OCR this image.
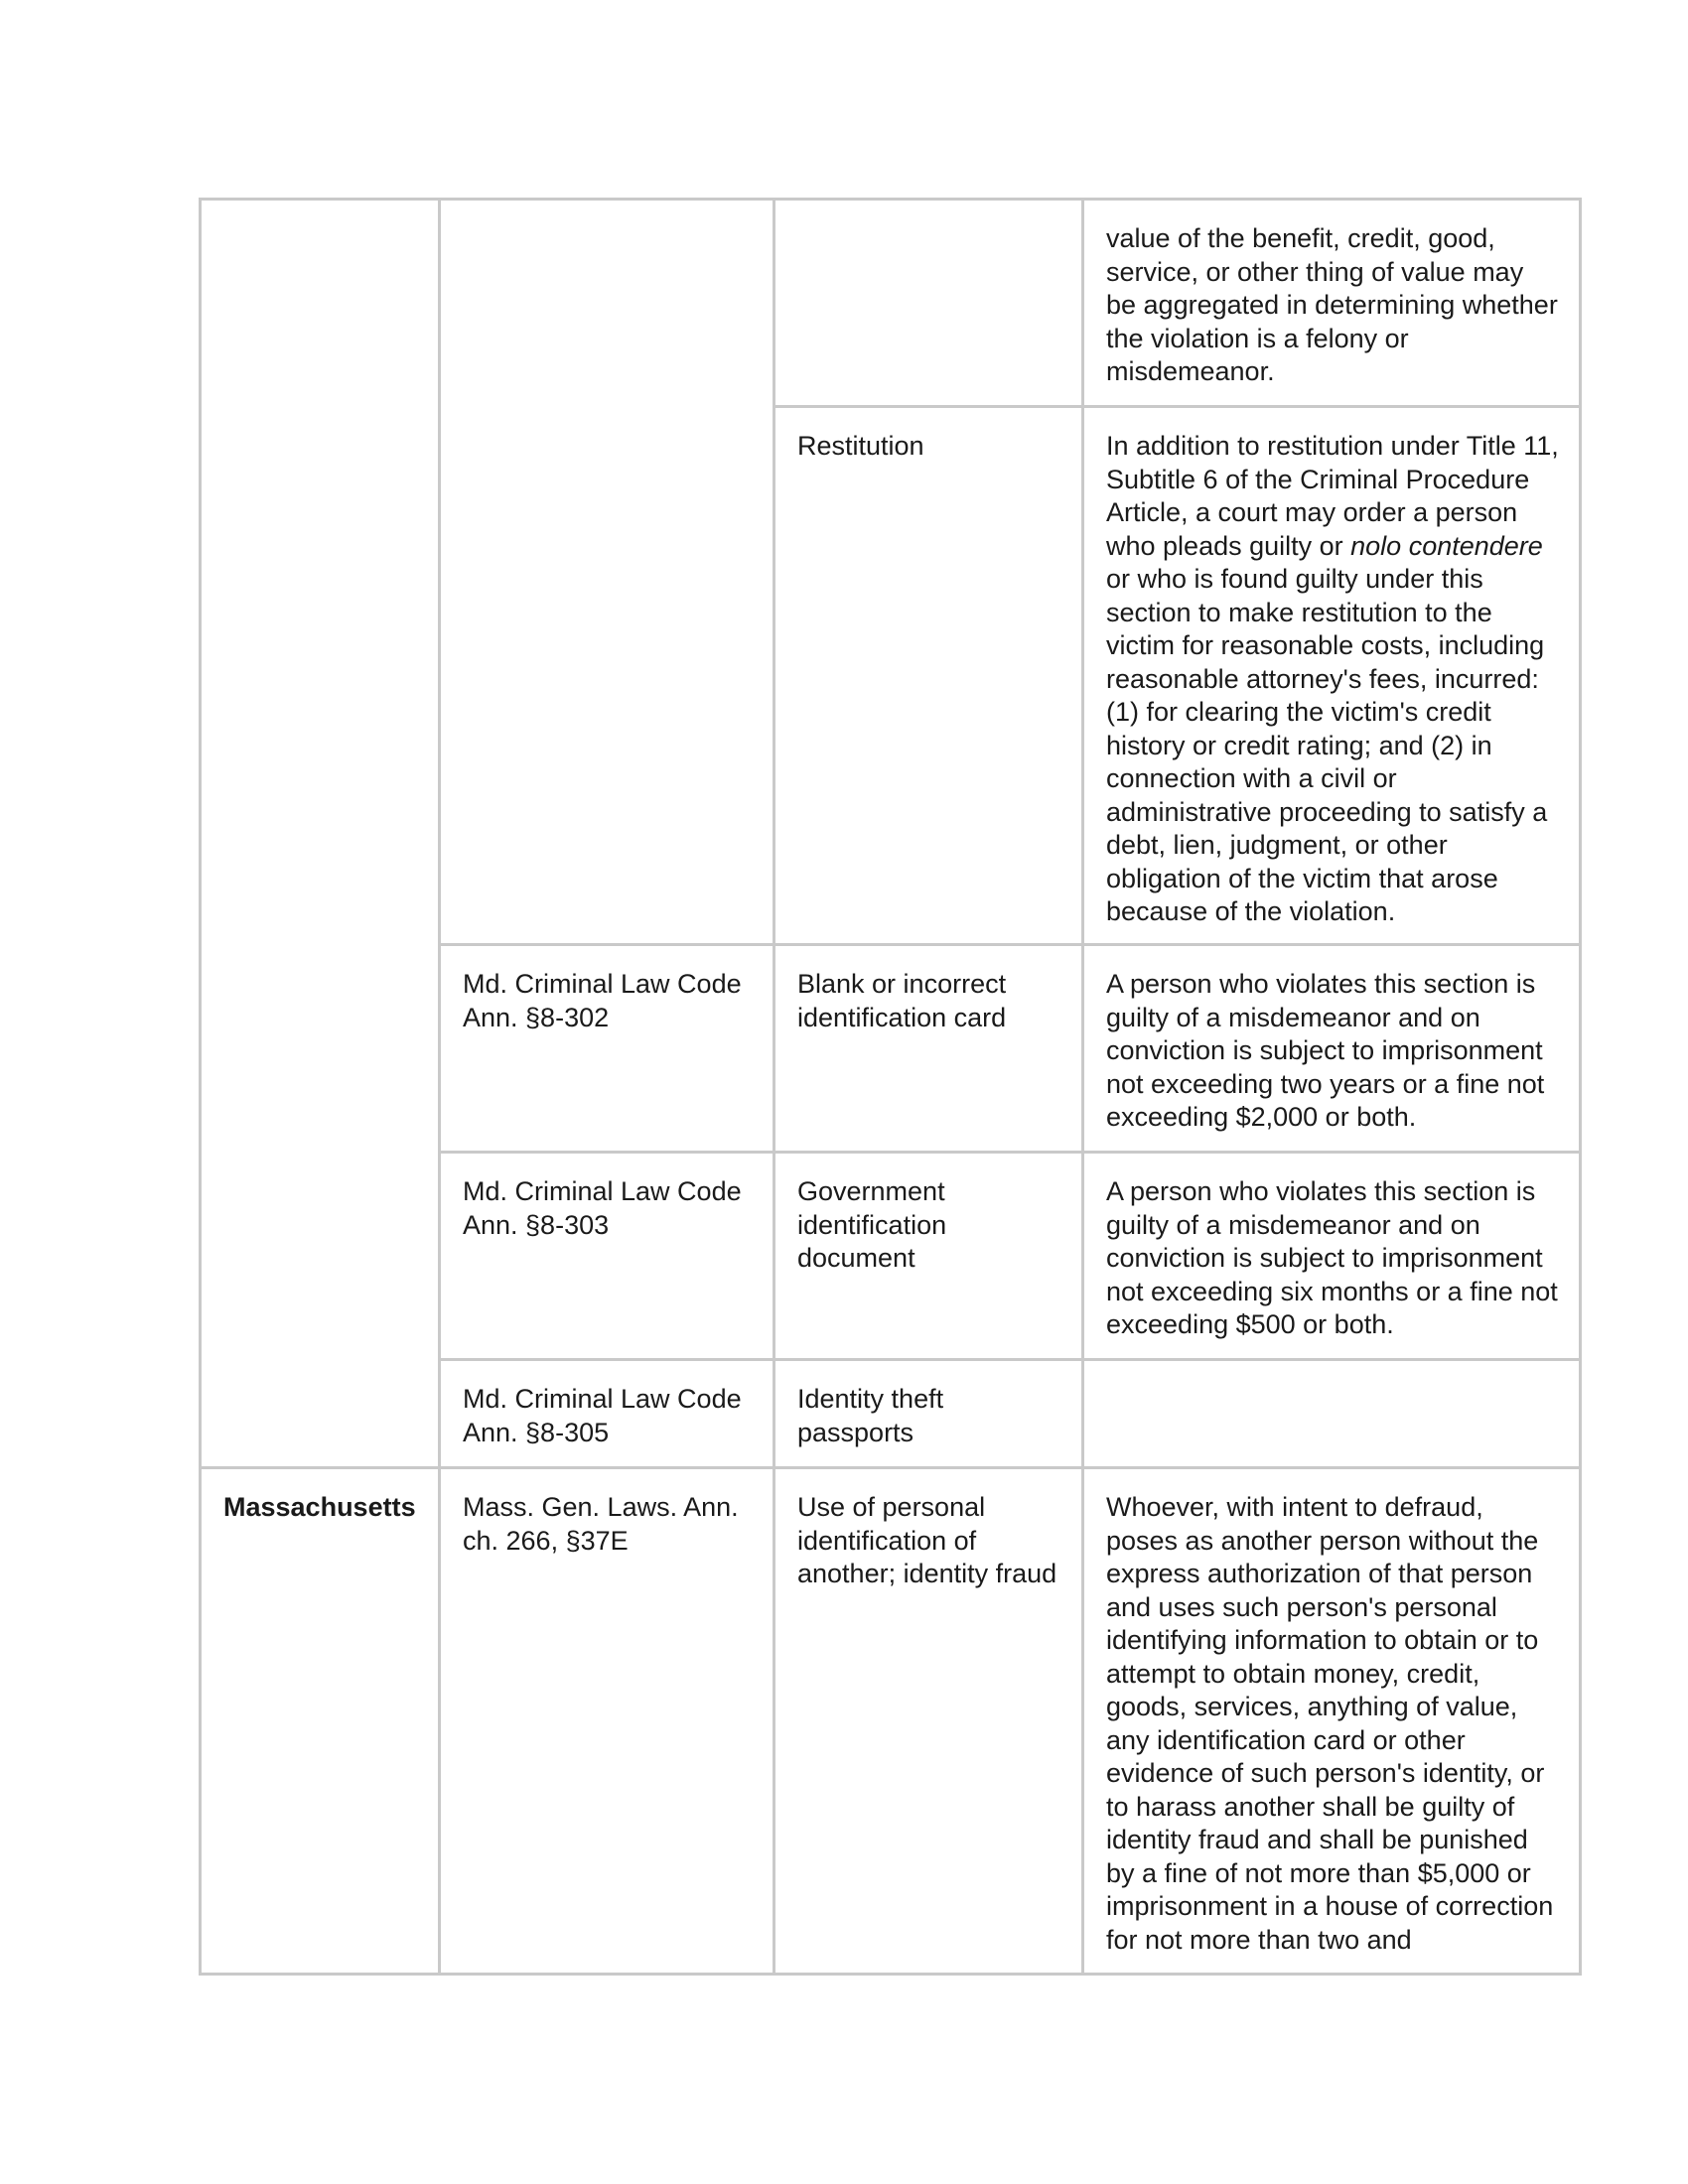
			value of the benefit, credit, good, service, or other thing of value may be aggregated in determining whether the violation is a felony or misdemeanor.
		Restitution	In addition to restitution under Title 11, Subtitle 6 of the Criminal Procedure Article, a court may order a person who pleads guilty or nolo contendere or who is found guilty under this section to make restitution to the victim for reasonable costs, including reasonable attorney's fees, incurred: (1) for clearing the victim's credit history or credit rating; and (2) in connection with a civil or administrative proceeding to satisfy a debt, lien, judgment, or other obligation of the victim that arose because of the violation.
	Md. Criminal Law Code Ann. §8-302	Blank or incorrect identification card	A person who violates this section is guilty of a misdemeanor and on conviction is subject to imprisonment not exceeding two years or a fine not exceeding $2,000 or both.
	Md. Criminal Law Code Ann. §8-303	Government identification document	A person who violates this section is guilty of a misdemeanor and on conviction is subject to imprisonment not exceeding six months or a fine not exceeding $500 or both.
	Md. Criminal Law Code Ann. §8-305	Identity theft passports	
Massachusetts	Mass. Gen. Laws. Ann. ch. 266, §37E	Use of personal identification of another; identity fraud	Whoever, with intent to defraud, poses as another person without the express authorization of that person and uses such person's personal identifying information to obtain or to attempt to obtain money, credit, goods, services, anything of value, any identification card or other evidence of such person's identity, or to harass another shall be guilty of identity fraud and shall be punished by a fine of not more than $5,000 or imprisonment in a house of correction for not more than two and
